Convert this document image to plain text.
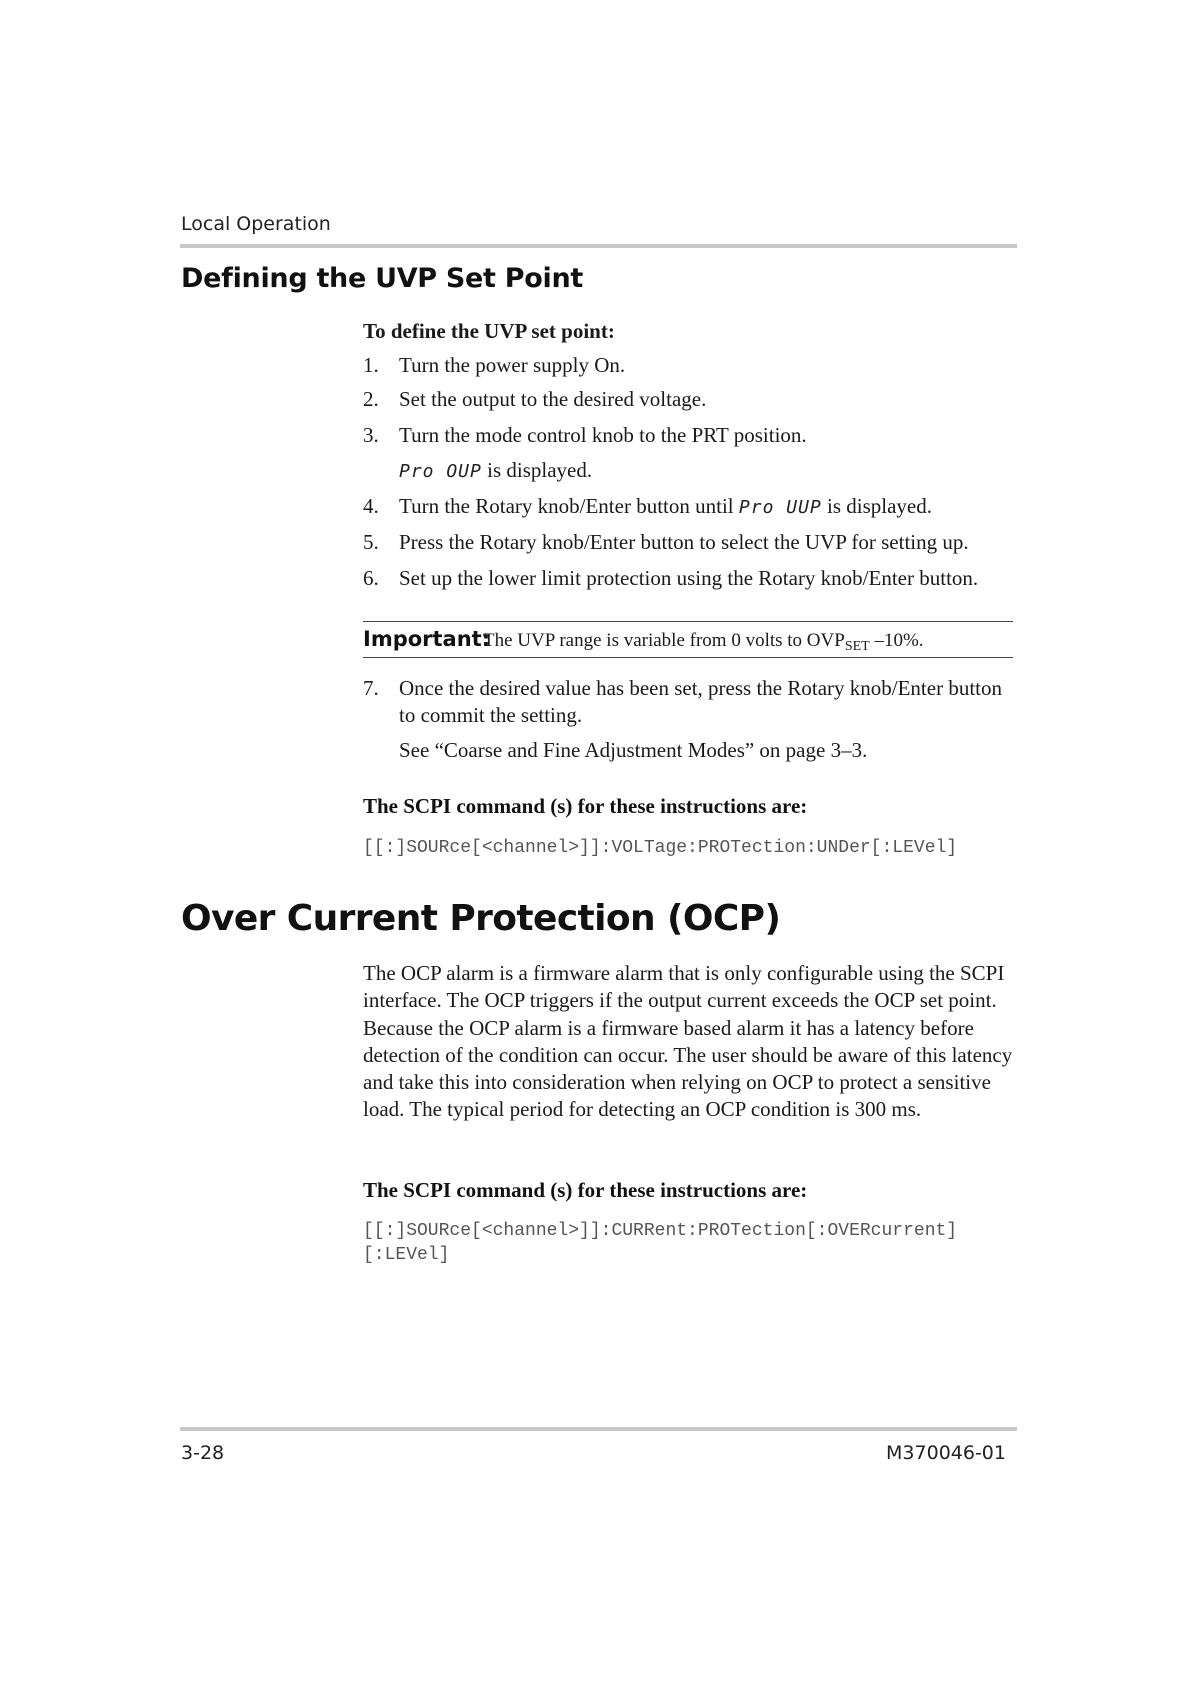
Local Operation
Defining the UVP Set Point
To define the UVP set point:
1. Turn the power supply On.
2. Set the output to the desired voltage.
3. Turn the mode control knob to the PRT position.
Pro OUP is displayed.
4. Turn the Rotary knob/Enter button until Pro UUP is displayed.
5. Press the Rotary knob/Enter button to select the UVP for setting up.
6. Set up the lower limit protection using the Rotary knob/Enter button.
Important:
The UVP range is variable from 0 volts to $OVP_{SET}$ –10%.
7. Once the desired value has been set, press the Rotary knob/Enter button to commit the setting.
See “Coarse and Fine Adjustment Modes” on page 3–3.
The SCPI command (s) for these instructions are:
[[:]SOURce[<channel>]]:VOLTage:PROTection:UNDer[:LEVel]
Over Current Protection (OCP)
The OCP alarm is a firmware alarm that is only configurable using the SCPI interface. The OCP triggers if the output current exceeds the OCP set point. Because the OCP alarm is a firmware based alarm it has a latency before detection of the condition can occur. The user should be aware of this latency and take this into consideration when relying on OCP to protect a sensitive load. The typical period for detecting an OCP condition is 300 ms.
The SCPI command (s) for these instructions are:
[[:]SOURce[<channel>]]:CURRent:PROTection[:OVERcurrent]
[:LEVel]
3-28	M370046-01
